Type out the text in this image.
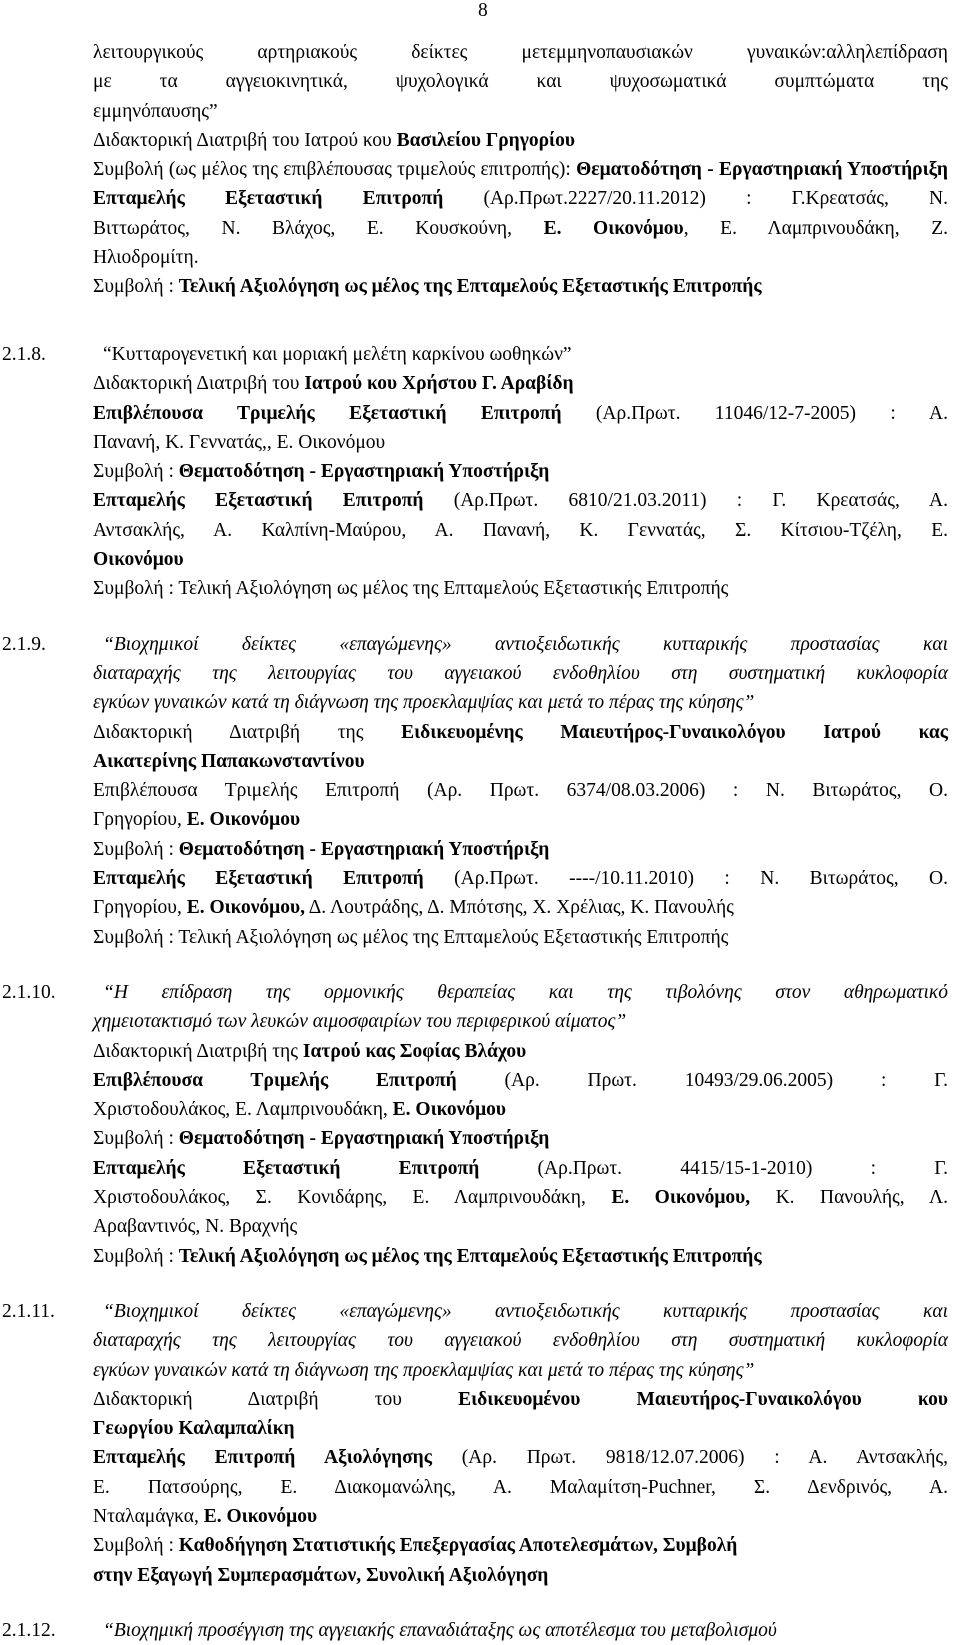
8
λειτουργικούς αρτηριακούς δείκτες μετεμμηνοπαυσιακών γυναικών:αλληλεπίδραση
με τα αγγειοκινητικά, ψυχολογικά και ψυχοσωματικά συμπτώματα της
εμμηνόπαυσης”
Διδακτορική Διατριβή του Ιατρού κου Βασιλείου Γρηγορίου
Συμβολή (ως μέλος της επιβλέπουσας τριμελούς επιτροπής): Θεματοδότηση - Εργαστηριακή Υποστήριξη
Επταμελής Εξεταστική Επιτροπή (Αρ.Πρωτ.2227/20.11.2012) : Γ.Κρεατσάς, Ν.
Βιττωράτος, Ν. Βλάχος, Ε. Κουσκούνη, Ε. Οικονόμου, Ε. Λαμπρινουδάκη, Ζ.
Ηλιοδρομίτη.
Συμβολή : Τελική Αξιολόγηση ως μέλος της Επταμελούς Εξεταστικής Επιτροπής
2.1.8.	“Κυτταρογενετική και μοριακή μελέτη καρκίνου ωοθηκών”
Διδακτορική Διατριβή του Ιατρού κου Χρήστου Γ. Αραβίδη
Επιβλέπουσα Τριμελής Εξεταστική Επιτροπή (Αρ.Πρωτ. 11046/12-7-2005) : Α.
Πανανή, Κ. Γεννατάς,, Ε. Οικονόμου
Συμβολή : Θεματοδότηση - Εργαστηριακή Υποστήριξη
Επταμελής Εξεταστική Επιτροπή (Αρ.Πρωτ. 6810/21.03.2011) : Γ. Κρεατσάς, Α.
Αντσακλής, Α. Καλπίνη-Μαύρου, Α. Πανανή, Κ. Γεννατάς, Σ. Κίτσιου-Τζέλη, Ε.
Οικονόμου
Συμβολή : Τελική Αξιολόγηση ως μέλος της Επταμελούς Εξεταστικής Επιτροπής
2.1.9.	“Βιοχημικοί δείκτες «επαγώμενης» αντιοξειδωτικής κυτταρικής προστασίας και
διαταραχής της λειτουργίας του αγγειακού ενδοθηλίου στη συστηματική κυκλοφορία
εγκύων γυναικών κατά τη διάγνωση της προεκλαμψίας και μετά το πέρας της κύησης”
Διδακτορική Διατριβή της Ειδικευομένης Μαιευτήρος-Γυναικολόγου Ιατρού κας
Αικατερίνης Παπακωνσταντίνου
Επιβλέπουσα Τριμελής Επιτροπή (Αρ. Πρωτ. 6374/08.03.2006) : Ν. Βιτωράτος, Ο.
Γρηγορίου, Ε. Οικονόμου
Συμβολή : Θεματοδότηση - Εργαστηριακή Υποστήριξη
Επταμελής Εξεταστική Επιτροπή (Αρ.Πρωτ. ----/10.11.2010) : Ν. Βιτωράτος, Ο.
Γρηγορίου, Ε. Οικονόμου, Δ. Λουτράδης, Δ. Μπότσης, Χ. Χρέλιας, Κ. Πανουλής
Συμβολή : Τελική Αξιολόγηση ως μέλος της Επταμελούς Εξεταστικής Επιτροπής
2.1.10.	“Η επίδραση της ορμονικής θεραπείας και της τιβολόνης στον αθηρωματικό
χημειοτακτισμό των λευκών αιμοσφαιρίων του περιφερικού αίματος”
Διδακτορική Διατριβή της Ιατρού κας Σοφίας Βλάχου
Επιβλέπουσα Τριμελής Επιτροπή (Αρ. Πρωτ. 10493/29.06.2005) : Γ.
Χριστοδουλάκος, Ε. Λαμπρινουδάκη, Ε. Οικονόμου
Συμβολή : Θεματοδότηση - Εργαστηριακή Υποστήριξη
Επταμελής Εξεταστική Επιτροπή (Αρ.Πρωτ. 4415/15-1-2010) : Γ.
Χριστοδουλάκος, Σ. Κονιδάρης, Ε. Λαμπρινουδάκη, Ε. Οικονόμου, Κ. Πανουλής, Λ.
Αραβαντινός, Ν. Βραχνής
Συμβολή : Τελική Αξιολόγηση ως μέλος της Επταμελούς Εξεταστικής Επιτροπής
2.1.11.	“Βιοχημικοί δείκτες «επαγώμενης» αντιοξειδωτικής κυτταρικής προστασίας και
διαταραχής της λειτουργίας του αγγειακού ενδοθηλίου στη συστηματική κυκλοφορία
εγκύων γυναικών κατά τη διάγνωση της προεκλαμψίας και μετά το πέρας της κύησης”
Διδακτορική Διατριβή του Ειδικευομένου Μαιευτήρος-Γυναικολόγου κου
Γεωργίου Καλαμπαλίκη
Επταμελής Επιτροπή Αξιολόγησης (Αρ. Πρωτ. 9818/12.07.2006) : Α. Αντσακλής,
Ε. Πατσούρης, Ε. Διακομανώλης, Α. Μαλαμίτση-Puchner, Σ. Δενδρινός, Α.
Νταλαμάγκα, Ε. Οικονόμου
Συμβολή : Καθοδήγηση Στατιστικής Επεξεργασίας Αποτελεσμάτων, Συμβολή
στην Εξαγωγή Συμπερασμάτων, Συνολική Αξιολόγηση
2.1.12.	“Βιοχημική προσέγγιση της αγγειακής επαναδιάταξης ως αποτέλεσμα του μεταβολισμού
